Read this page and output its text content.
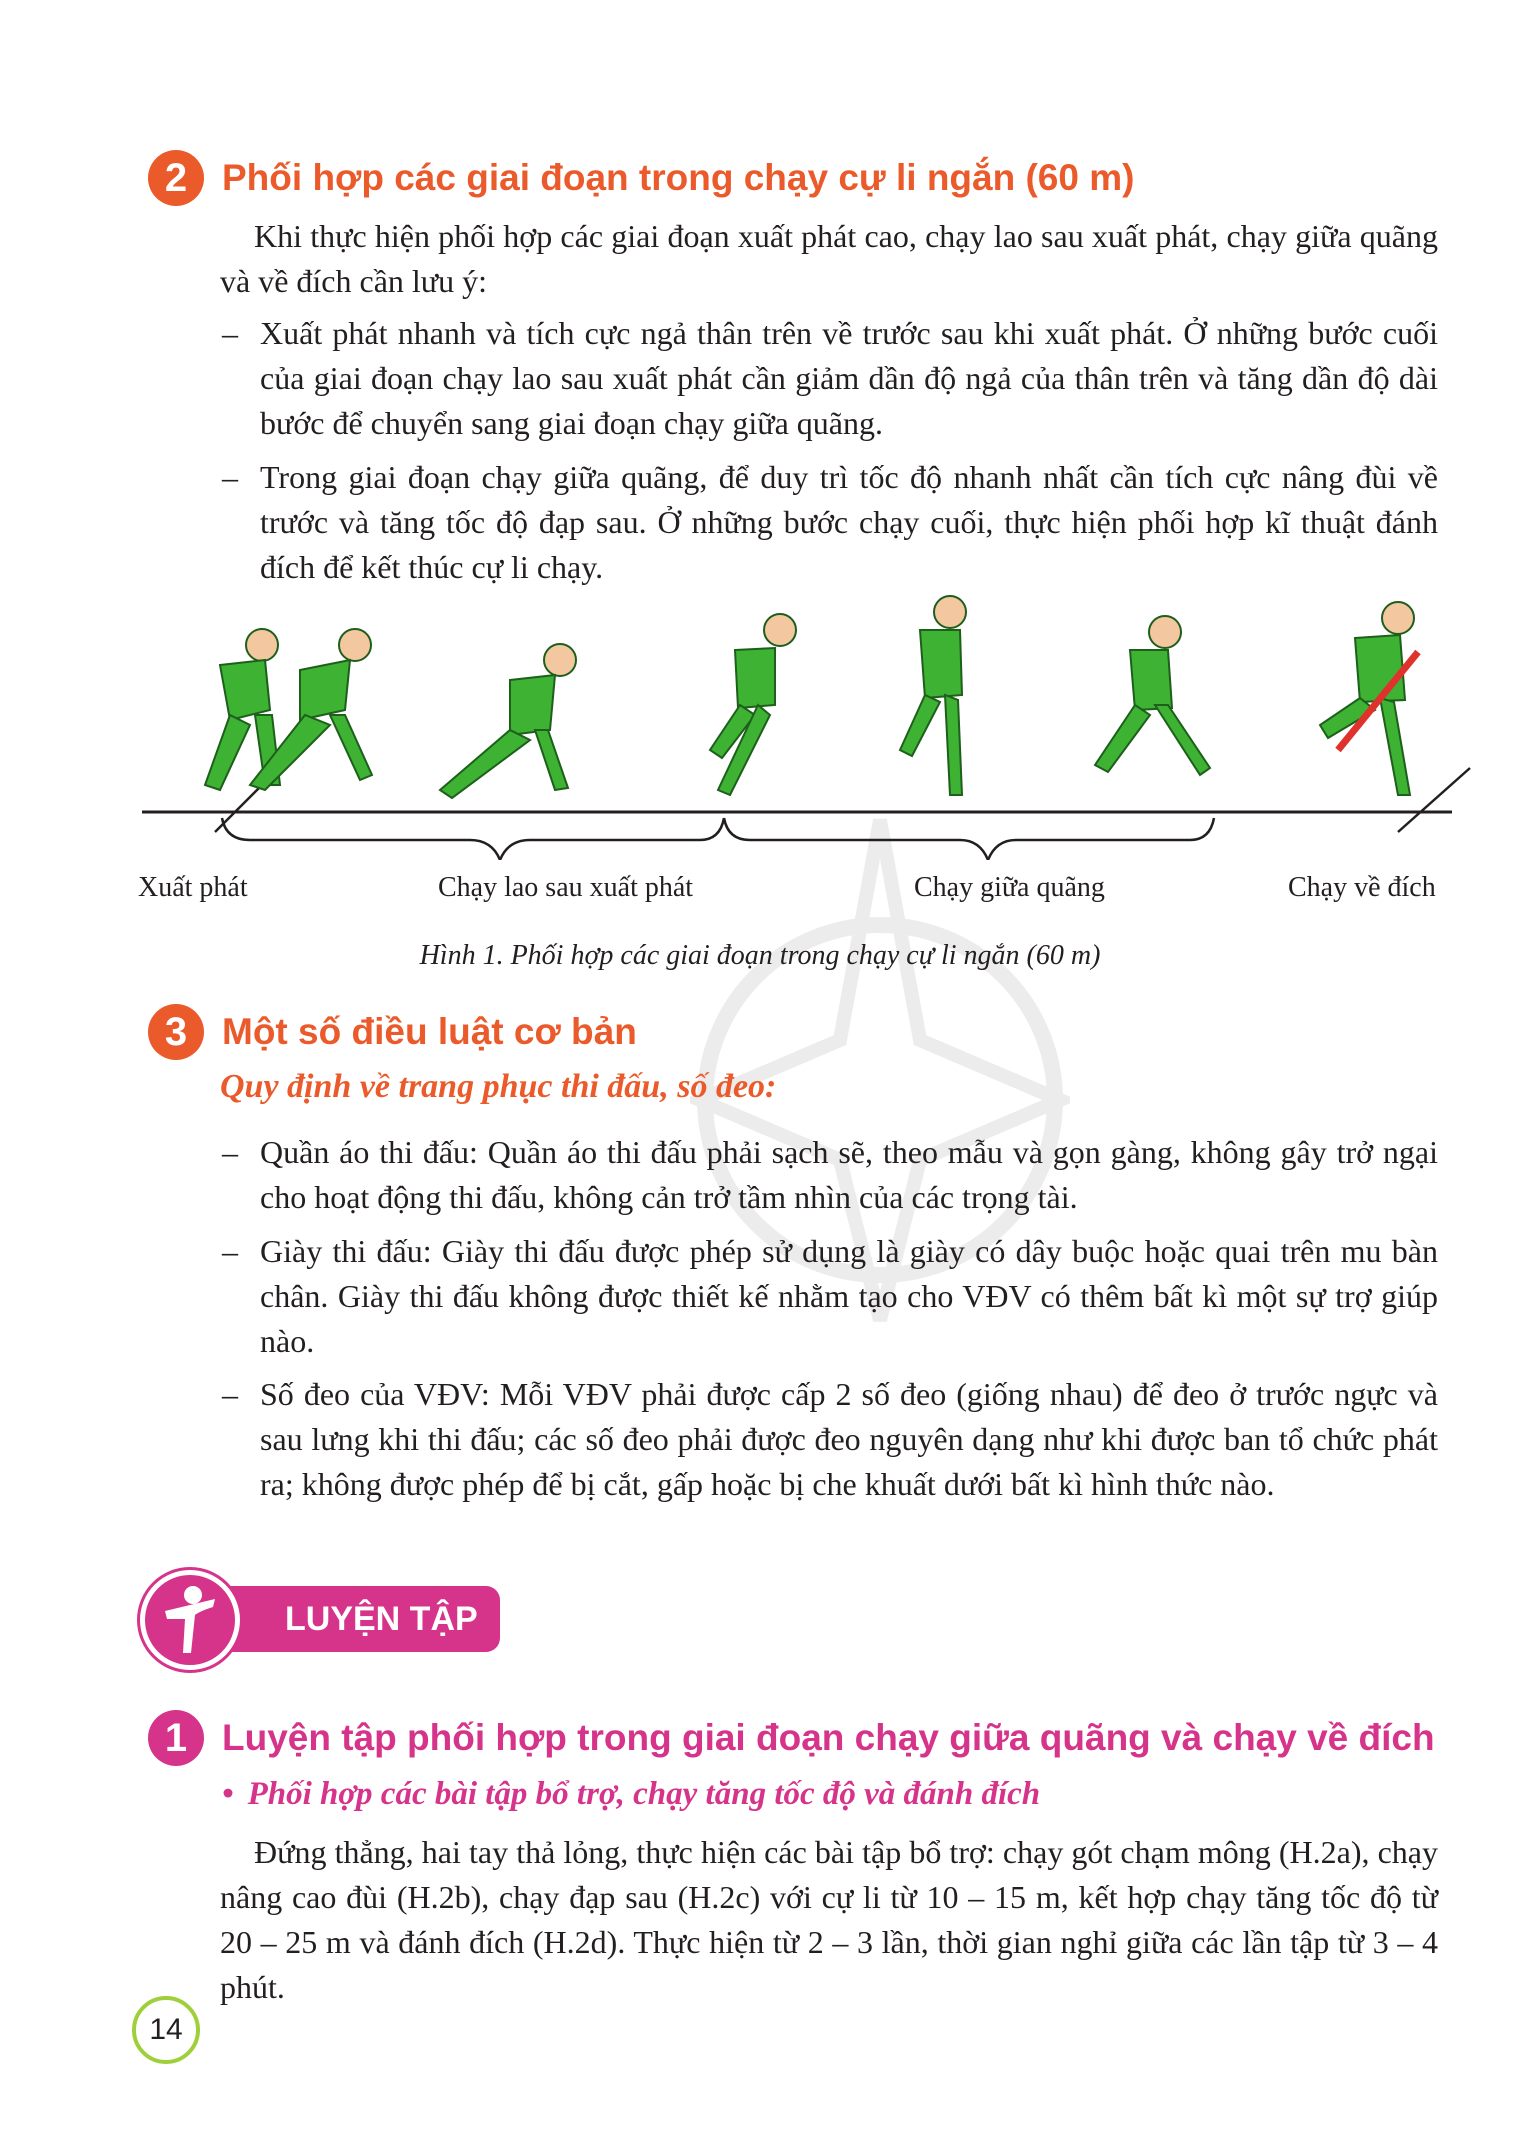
2 Phối hợp các giai đoạn trong chạy cự li ngắn (60 m)
Khi thực hiện phối hợp các giai đoạn xuất phát cao, chạy lao sau xuất phát, chạy giữa quãng và về đích cần lưu ý:
– Xuất phát nhanh và tích cực ngả thân trên về trước sau khi xuất phát. Ở những bước cuối của giai đoạn chạy lao sau xuất phát cần giảm dần độ ngả của thân trên và tăng dần độ dài bước để chuyển sang giai đoạn chạy giữa quãng.
– Trong giai đoạn chạy giữa quãng, để duy trì tốc độ nhanh nhất cần tích cực nâng đùi về trước và tăng tốc độ đạp sau. Ở những bước chạy cuối, thực hiện phối hợp kĩ thuật đánh đích để kết thúc cự li chạy.
Xuất phát	Chạy lao sau xuất phát	Chạy giữa quãng	Chạy về đích
Hình 1. Phối hợp các giai đoạn trong chạy cự li ngắn (60 m)
3 Một số điều luật cơ bản
Quy định về trang phục thi đấu, số đeo:
– Quần áo thi đấu: Quần áo thi đấu phải sạch sẽ, theo mẫu và gọn gàng, không gây trở ngại cho hoạt động thi đấu, không cản trở tầm nhìn của các trọng tài.
– Giày thi đấu: Giày thi đấu được phép sử dụng là giày có dây buộc hoặc quai trên mu bàn chân. Giày thi đấu không được thiết kế nhằm tạo cho VĐV có thêm bất kì một sự trợ giúp nào.
– Số đeo của VĐV: Mỗi VĐV phải được cấp 2 số đeo (giống nhau) để đeo ở trước ngực và sau lưng khi thi đấu; các số đeo phải được đeo nguyên dạng như khi được ban tổ chức phát ra; không được phép để bị cắt, gấp hoặc bị che khuất dưới bất kì hình thức nào.
LUYỆN TẬP
1 Luyện tập phối hợp trong giai đoạn chạy giữa quãng và chạy về đích
• Phối hợp các bài tập bổ trợ, chạy tăng tốc độ và đánh đích
Đứng thẳng, hai tay thả lỏng, thực hiện các bài tập bổ trợ: chạy gót chạm mông (H.2a), chạy nâng cao đùi (H.2b), chạy đạp sau (H.2c) với cự li từ 10 – 15 m, kết hợp chạy tăng tốc độ từ 20 – 25 m và đánh đích (H.2d). Thực hiện từ 2 – 3 lần, thời gian nghỉ giữa các lần tập từ 3 – 4 phút.
14
